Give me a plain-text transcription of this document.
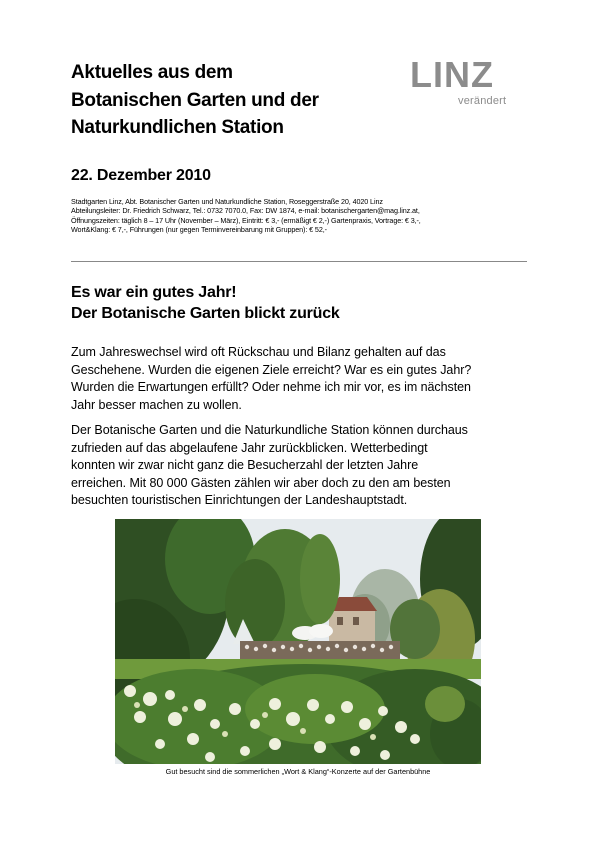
Aktuelles aus dem
Botanischen Garten und der
Naturkundlichen Station
LINZ
verändert
22. Dezember 2010
Stadtgarten Linz, Abt. Botanischer Garten und Naturkundliche Station, Roseggerstraße 20, 4020 Linz
Abteilungsleiter: Dr. Friedrich Schwarz, Tel.: 0732 7070.0, Fax: DW 1874, e-mail: botanischergarten@mag.linz.at,
Öffnungszeiten: täglich 8 – 17 Uhr (November – März), Eintritt: € 3,- (ermäßigt € 2,-) Gartenpraxis, Vortrage: € 3,-,
Wort&Klang: € 7,-, Führungen (nur gegen Terminvereinbarung mit Gruppen): € 52,-
Es war ein gutes Jahr!
Der Botanische Garten blickt zurück
Zum Jahreswechsel wird oft Rückschau und Bilanz gehalten auf das
Geschehene. Wurden die eigenen Ziele erreicht? War es ein gutes Jahr?
Wurden die Erwartungen erfüllt? Oder nehme ich mir vor, es im nächsten
Jahr besser machen zu wollen.
Der Botanische Garten und die Naturkundliche Station können durchaus
zufrieden auf das abgelaufene Jahr zurückblicken. Wetterbedingt
konnten wir zwar nicht ganz die Besucherzahl der letzten Jahre
erreichen. Mit 80 000 Gästen zählen wir aber doch zu den am besten
besuchten touristischen Einrichtungen der Landeshauptstadt.
Gut besucht sind die sommerlichen „Wort & Klang“-Konzerte auf der Gartenbühne
